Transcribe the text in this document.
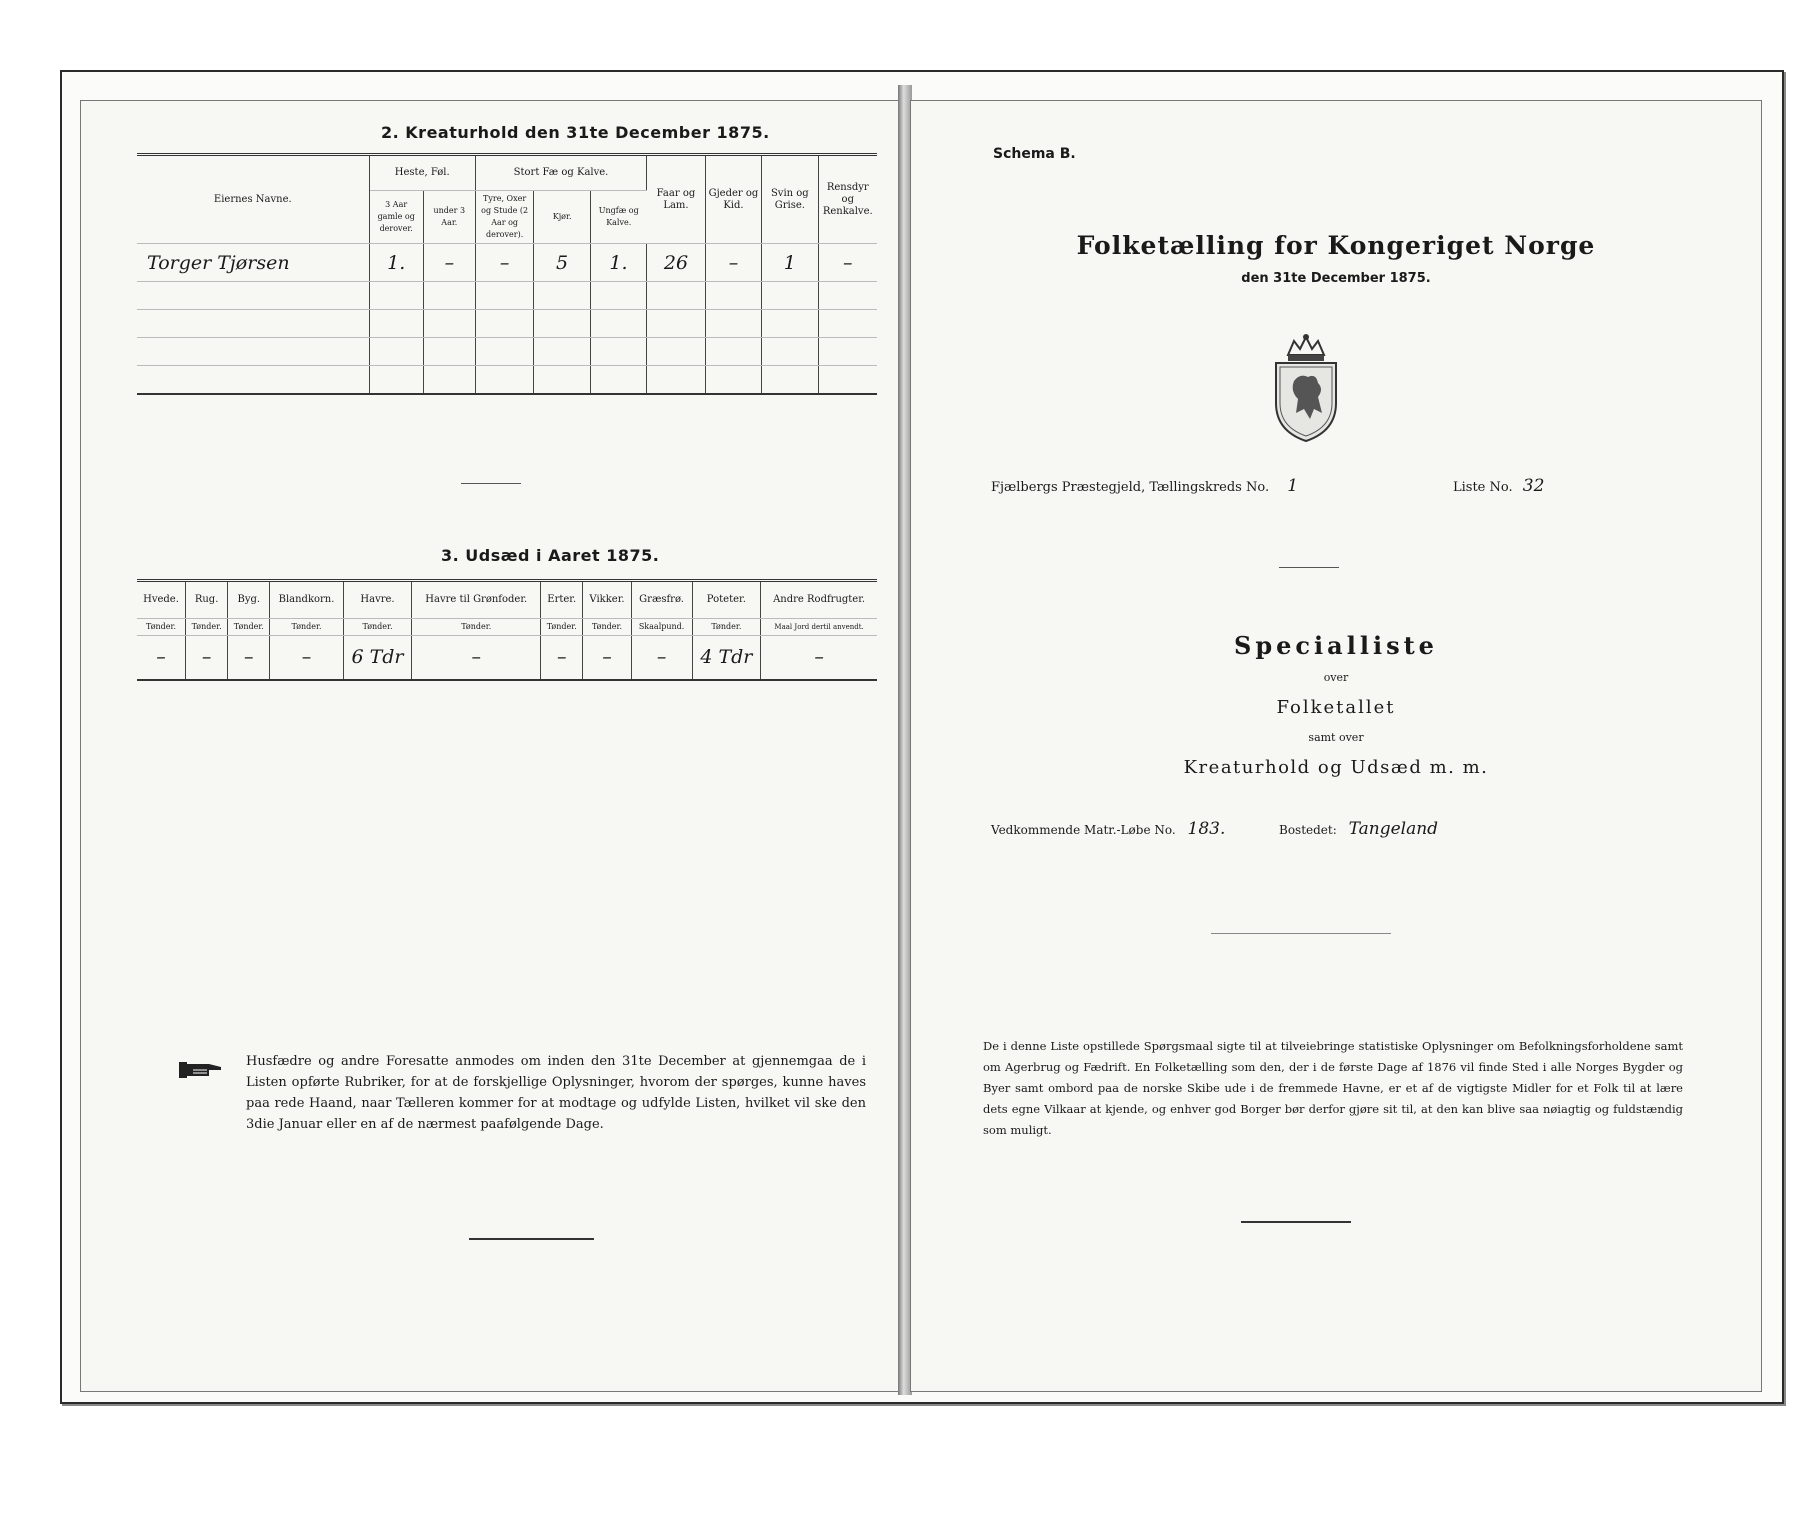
2. Kreaturhold den 31te December 1875.
Eiernes Navne.	Heste, Føl.		Stort Fæ og Kalve.			Faar og Lam.	Gjeder og Kid.	Svin og Grise.	Rensdyr og Renkalve.
	3 Aar gamle og derover.	under 3 Aar.	Tyre, Oxer og Stude (2 Aar og derover).	Kjør.	Ungfæ og Kalve.				
Torger Tjørsen	1.	–	–	5	1.	26	–	1	–

3. Udsæd i Aaret 1875.
Hvede.	Rug.	Byg.	Blandkorn.	Havre.	Havre til Grønfoder.	Erter.	Vikker.	Græsfrø.	Poteter.	Andre Rodfrugter.
Tønder.	Tønder.	Tønder.	Tønder.	Tønder.	Tønder.	Tønder.	Tønder.	Skaalpund.	Tønder.	Maal Jord dertil anvendt.
–	–	–	–	6 Tdr	–	–	–	–	4 Tdr	–
Husfædre og andre Foresatte anmodes om inden den 31te December at gjennemgaa de i Listen opførte Rubriker, for at de forskjellige Oplysninger, hvorom der spørges, kunne haves paa rede Haand, naar Tælleren kommer for at modtage og udfylde Listen, hvilket vil ske den 3die Januar eller en af de nærmest paafølgende Dage.
Schema B.
Folketælling for Kongeriget Norge
den 31te December 1875.
Fjælbergs Præstegjeld, Tællingskreds No. 1	Liste No. 32
Specialliste
over
Folketallet
samt over
Kreaturhold og Udsæd m. m.
Vedkommende Matr.-Løbe No. 183.	Bostedet: Tangeland
De i denne Liste opstillede Spørgsmaal sigte til at tilveiebringe statistiske Oplysninger om Befolkningsforholdene samt om Agerbrug og Fædrift. En Folketælling som den, der i de første Dage af 1876 vil finde Sted i alle Norges Bygder og Byer samt ombord paa de norske Skibe ude i de fremmede Havne, er et af de vigtigste Midler for et Folk til at lære dets egne Vilkaar at kjende, og enhver god Borger bør derfor gjøre sit til, at den kan blive saa nøiagtig og fuldstændig som muligt.
